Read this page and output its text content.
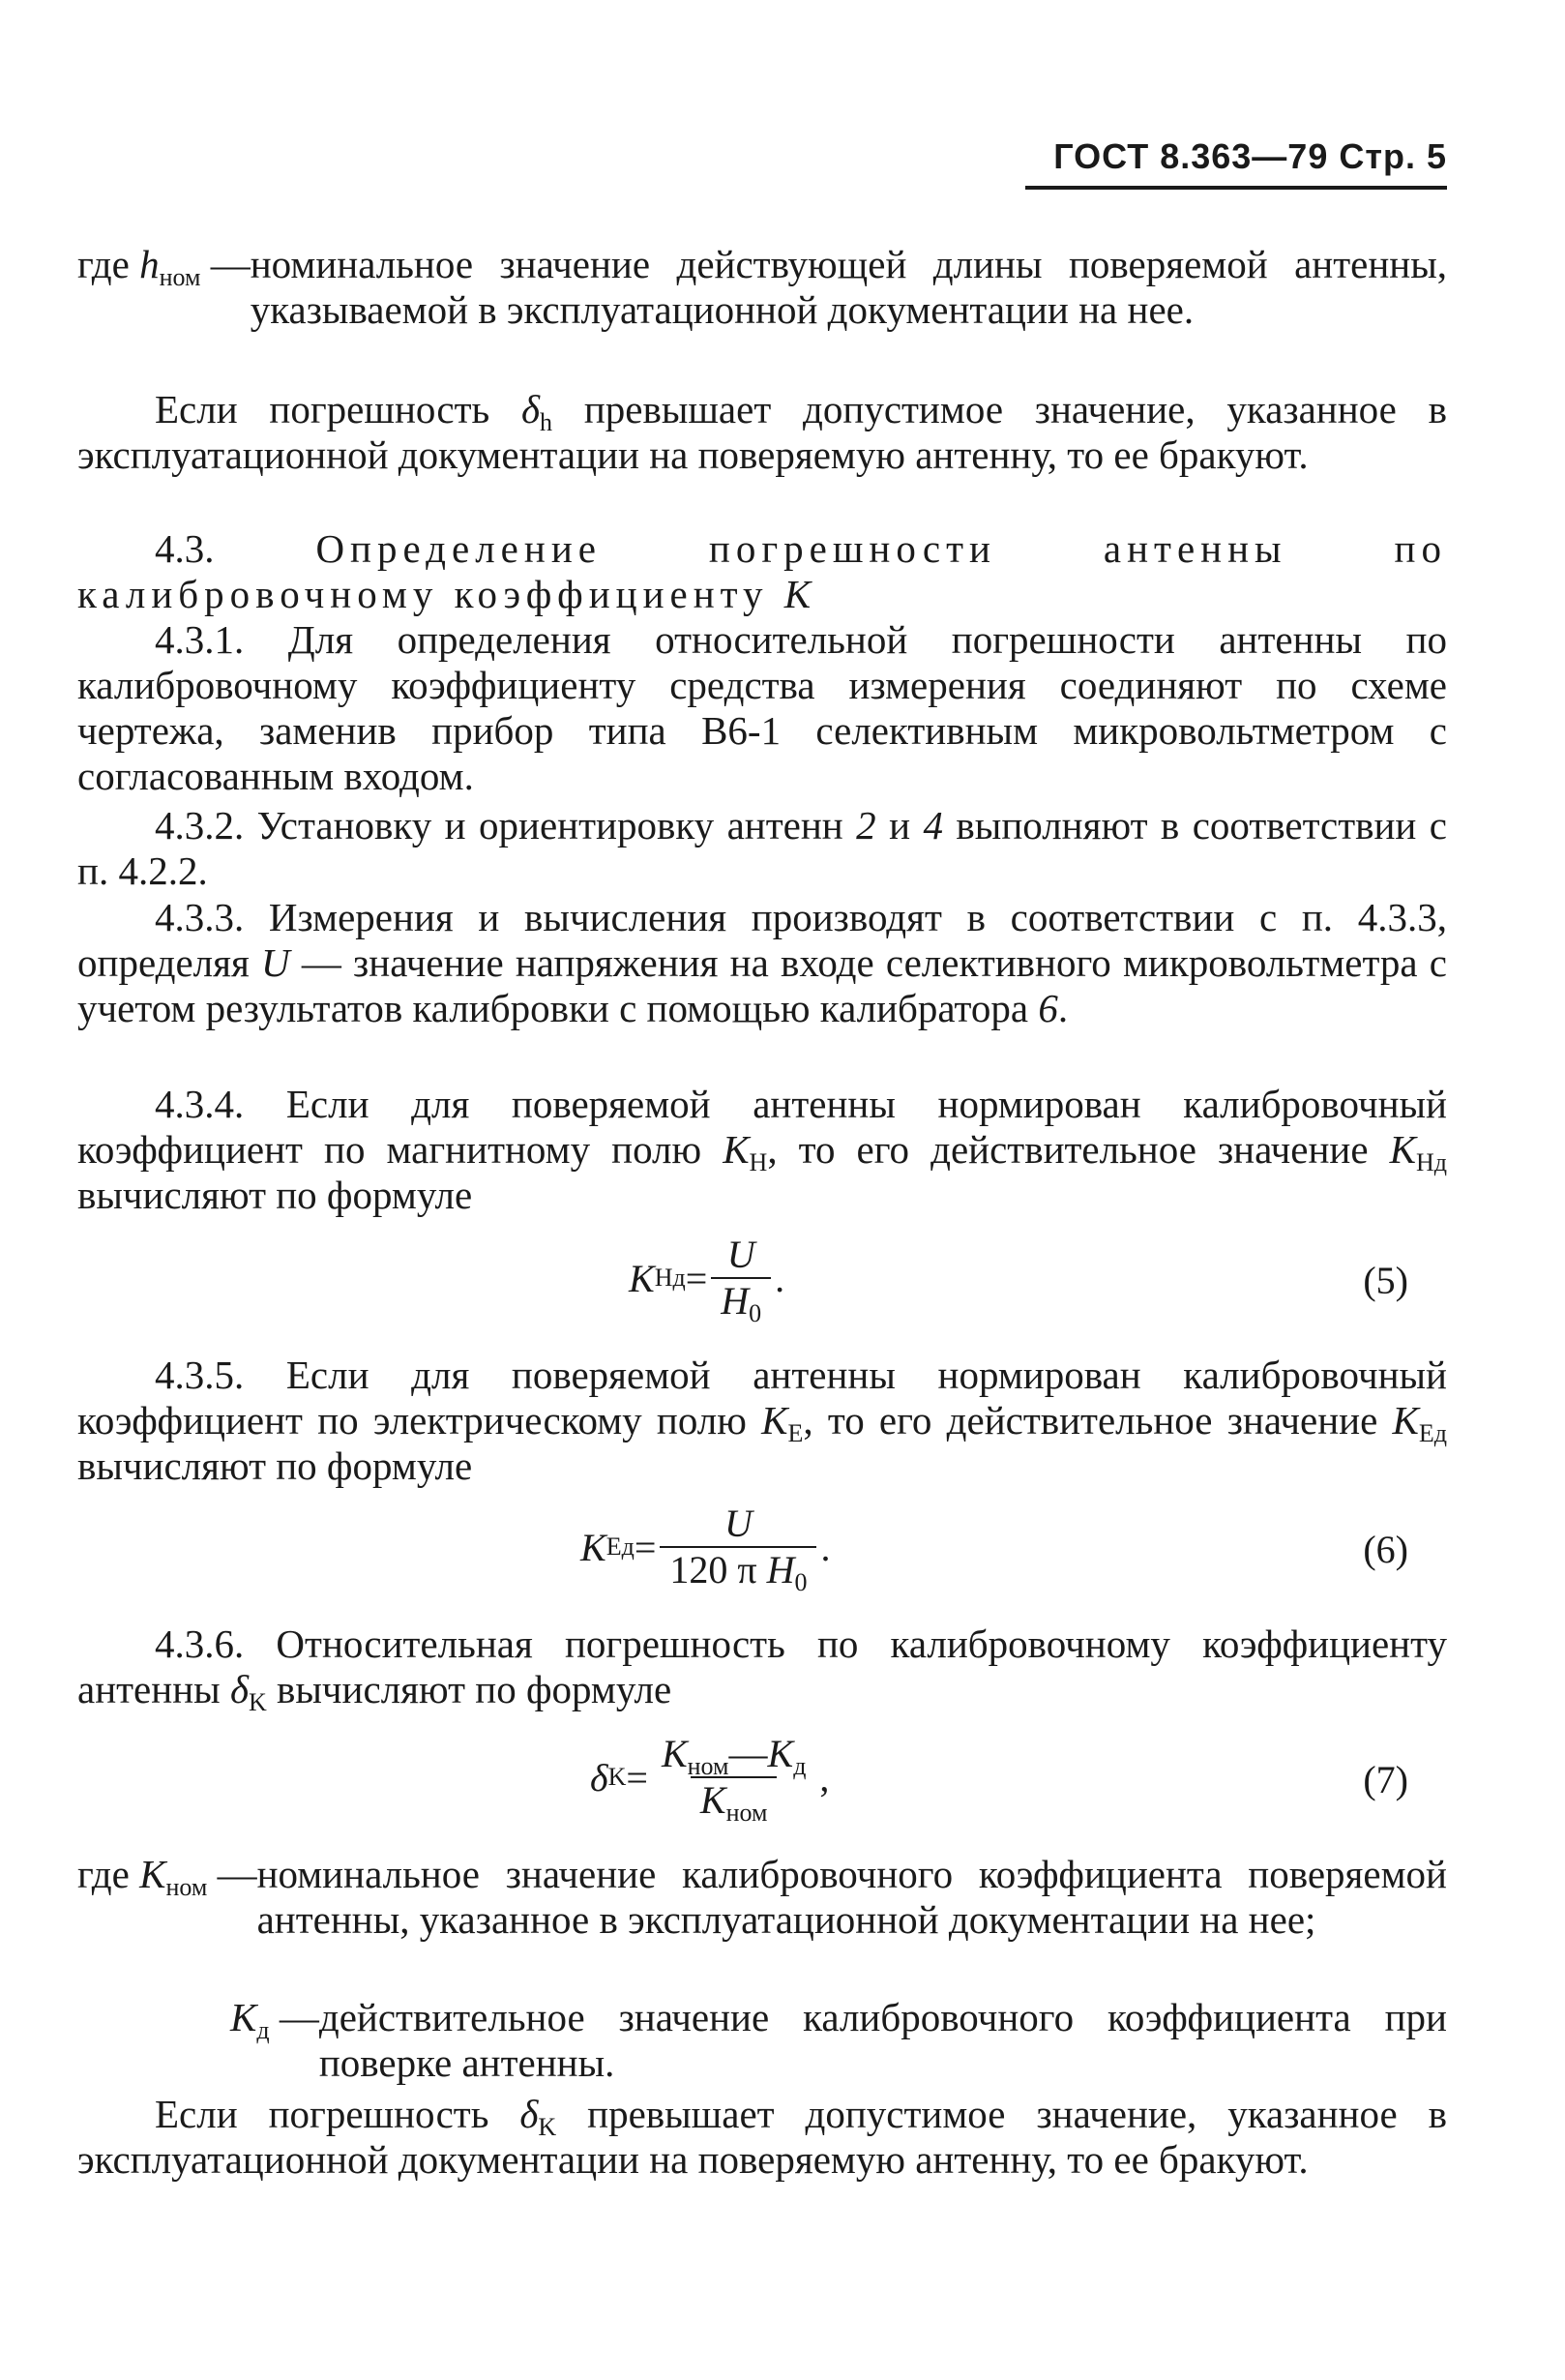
ГОСТ 8.363—79 Стр. 5
где $h_{ном}$ — номинальное значение действующей длины поверяемой антенны, указываемой в эксплуатационной документации на нее.
Если погрешность $\delta_h$ превышает допустимое значение, указанное в эксплуатационной документации на поверяемую антенну, то ее бракуют.
4.3. Определение погрешности антенны по калибровочному коэффициенту K
4.3.1. Для определения относительной погрешности антенны по калибровочному коэффициенту средства измерения соединяют по схеме чертежа, заменив прибор типа В6-1 селективным микровольтметром с согласованным входом.
4.3.2. Установку и ориентировку антенн 2 и 4 выполняют в соответствии с п. 4.2.2.
4.3.3. Измерения и вычисления производят в соответствии с п. 4.3.3, определяя U — значение напряжения на входе селективного микровольтметра с учетом результатов калибровки с помощью калибратора 6.
4.3.4. Если для поверяемой антенны нормирован калибровочный коэффициент по магнитному полю $K_H$, то его действительное значение $K_{Hд}$ вычисляют по формуле
K Hд = $\frac{U}{H_0}$ .	(5)
4.3.5. Если для поверяемой антенны нормирован калибровочный коэффициент по электрическому полю $K_E$, то его действительное значение $K_{Eд}$ вычисляют по формуле
K Eд = $\frac{U}{120 \pi H_0}$ .	(6)
4.3.6. Относительная погрешность по калибровочному коэффициенту антенны $\delta_K$ вычисляют по формуле
δ $K = \frac{K_{ном}—K_д}{K_{ном}}$ ,	(7)
где $K_{ном}$ — номинальное значение калибровочного коэффициента поверяемой антенны, указанное в эксплуатационной документации на нее;
$K_д$ — действительное значение калибровочного коэффициента при поверке антенны.
Если погрешность $\delta_K$ превышает допустимое значение, указанное в эксплуатационной документации на поверяемую антенну, то ее бракуют.
